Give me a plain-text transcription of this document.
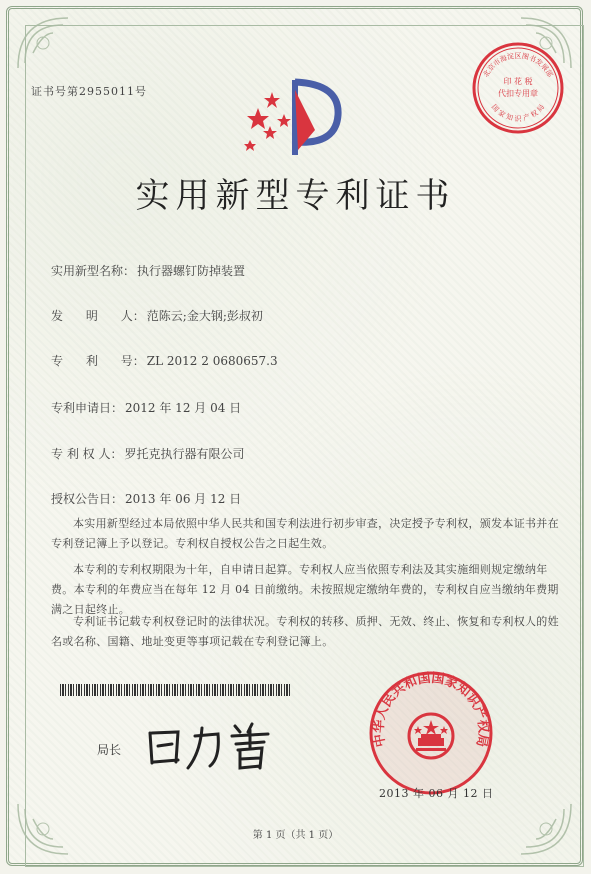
证书号第2955011号
实用新型专利证书
实用新型名称： 执行器螺钉防掉装置
发      明      人： 范陈云;金大钢;彭叔初
专      利      号： ZL 2012 2 0680657.3
专利申请日： 2012 年 12 月 04 日
专 利 权 人： 罗托克执行器有限公司
授权公告日： 2013 年 06 月 12 日
本实用新型经过本局依照中华人民共和国专利法进行初步审查，决定授予专利权，颁发本证书并在专利登记簿上予以登记。专利权自授权公告之日起生效。
本专利的专利权期限为十年，自申请日起算。专利权人应当依照专利法及其实施细则规定缴纳年费。本专利的年费应当在每年 12 月 04 日前缴纳。未按照规定缴纳年费的，专利权自应当缴纳年费期满之日起终止。
专利证书记载专利权登记时的法律状况。专利权的转移、质押、无效、终止、恢复和专利权人的姓名或名称、国籍、地址变更等事项记载在专利登记簿上。
局长
北京市海淀区图书发展部
印 花 税
代扣专用章
国 家 知 识 产 权 局
中华人民共和国国家知识产权局
2013 年 06 月 12 日
第 1 页（共 1 页）
